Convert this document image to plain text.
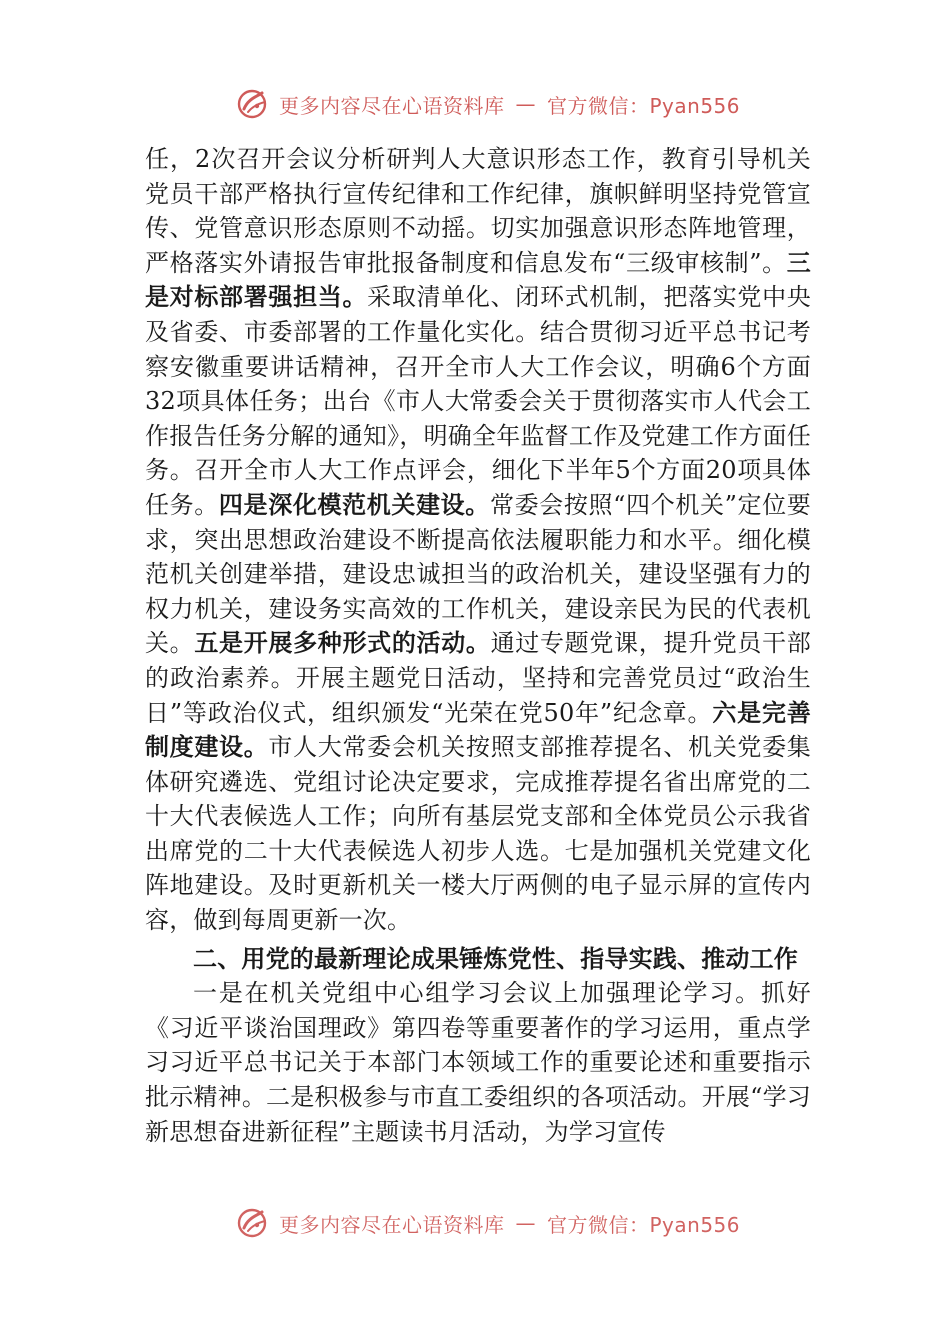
更多内容尽在心语资料库 — 官方微信：Pyan556

任，2次召开会议分析研判人大意识形态工作，教育引导机关党员干部严格执行宣传纪律和工作纪律，旗帜鲜明坚持党管宣传、党管意识形态原则不动摇。切实加强意识形态阵地管理，严格落实外请报告审批报备制度和信息发布“三级审核制”。三是对标部署强担当。采取清单化、闭环式机制，把落实党中央及省委、市委部署的工作量化实化。结合贯彻习近平总书记考察安徽重要讲话精神，召开全市人大工作会议，明确6个方面32项具体任务；出台《市人大常委会关于贯彻落实市人代会工作报告任务分解的通知》，明确全年监督工作及党建工作方面任务。召开全市人大工作点评会，细化下半年5个方面20项具体任务。四是深化模范机关建设。常委会按照“四个机关”定位要求，突出思想政治建设不断提高依法履职能力和水平。细化模范机关创建举措，建设忠诚担当的政治机关，建设坚强有力的权力机关，建设务实高效的工作机关，建设亲民为民的代表机关。五是开展多种形式的活动。通过专题党课，提升党员干部的政治素养。开展主题党日活动，坚持和完善党员过“政治生日”等政治仪式，组织颁发“光荣在党50年”纪念章。六是完善制度建设。市人大常委会机关按照支部推荐提名、机关党委集体研究遴选、党组讨论决定要求，完成推荐提名省出席党的二十大代表候选人工作；向所有基层党支部和全体党员公示我省出席党的二十大代表候选人初步人选。七是加强机关党建文化阵地建设。及时更新机关一楼大厅两侧的电子显示屏的宣传内容，做到每周更新一次。

二、用党的最新理论成果锤炼党性、指导实践、推动工作

一是在机关党组中心组学习会议上加强理论学习。抓好《习近平谈治国理政》第四卷等重要著作的学习运用，重点学习习近平总书记关于本部门本领域工作的重要论述和重要指示批示精神。二是积极参与市直工委组织的各项活动。开展“学习新思想奋进新征程”主题读书月活动，为学习宣传

更多内容尽在心语资料库 — 官方微信：Pyan556
